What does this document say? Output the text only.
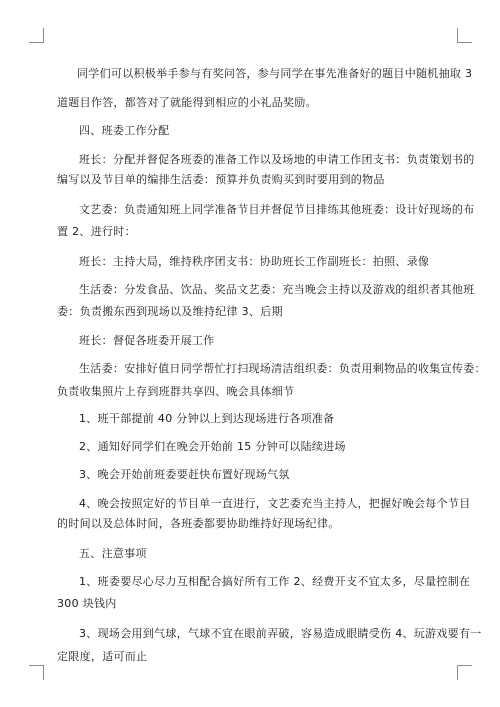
同学们可以积极举手参与有奖问答，参与同学在事先准备好的题目中随机抽取 3

道题目作答，都答对了就能得到相应的小礼品奖励。

四、班委工作分配

班长：分配并督促各班委的准备工作以及场地的申请工作团支书：负责策划书的

编写以及节目单的编排生活委：预算并负责购买到时要用到的物品

文艺委：负责通知班上同学准备节目并督促节目排练其他班委：设计好现场的布

置 2、进行时：

班长：主持大局，维持秩序团支书：协助班长工作副班长：拍照、录像

生活委：分发食品、饮品、奖品文艺委：充当晚会主持以及游戏的组织者其他班

委：负责搬东西到现场以及维持纪律 3、后期

班长：督促各班委开展工作

生活委：安排好值日同学帮忙打扫现场清洁组织委：负责用剩物品的收集宣传委：

负责收集照片上存到班群共享四、晚会具体细节

1、班干部提前 40 分钟以上到达现场进行各项准备

2、通知好同学们在晚会开始前 15 分钟可以陆续进场

3、晚会开始前班委要赶快布置好现场气氛

4、晚会按照定好的节目单一直进行，文艺委充当主持人，把握好晚会每个节目

的时间以及总体时间，各班委都要协助维持好现场纪律。

五、注意事项

1、班委要尽心尽力互相配合搞好所有工作 2、经费开支不宜太多，尽量控制在

300 块钱内

3、现场会用到气球，气球不宜在眼前弄破，容易造成眼睛受伤 4、玩游戏要有一

定限度，适可而止
